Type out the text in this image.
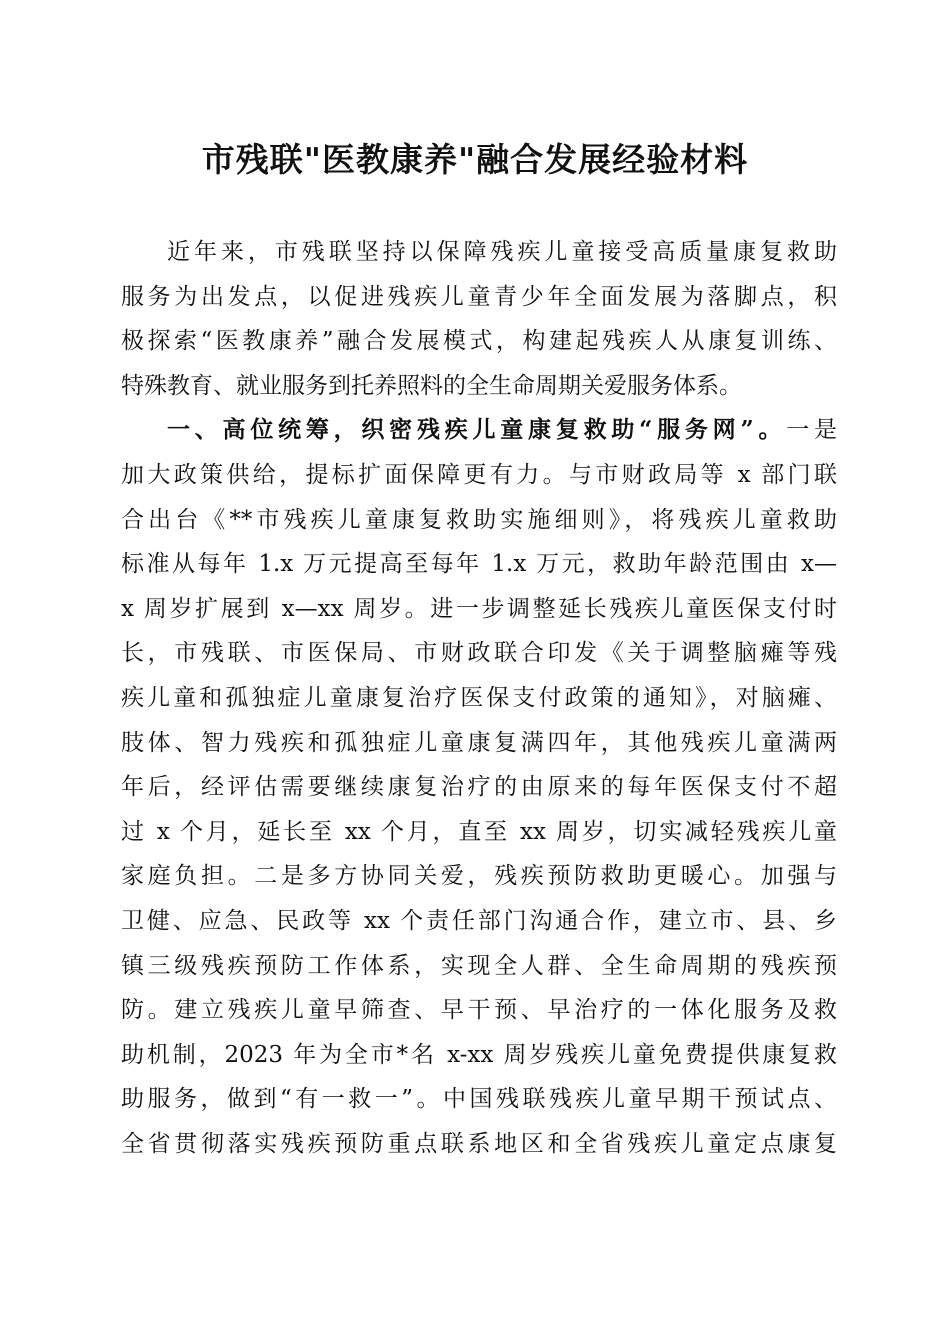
市残联"医教康养"融合发展经验材料
近年来，市残联坚持以保障残疾儿童接受高质量康复救助
服务为出发点，以促进残疾儿童青少年全面发展为落脚点，积
极探索“医教康养”融合发展模式，构建起残疾人从康复训练、
特殊教育、就业服务到托养照料的全生命周期关爱服务体系。
一、高位统筹，织密残疾儿童康复救助“服务网”。一是
加大政策供给，提标扩面保障更有力。与市财政局等 x 部门联
合出台《**市残疾儿童康复救助实施细则》，将残疾儿童救助
标准从每年 1.x 万元提高至每年 1.x 万元，救助年龄范围由 x—
x 周岁扩展到 x—xx 周岁。进一步调整延长残疾儿童医保支付时
长，市残联、市医保局、市财政联合印发《关于调整脑瘫等残
疾儿童和孤独症儿童康复治疗医保支付政策的通知》，对脑瘫、
肢体、智力残疾和孤独症儿童康复满四年，其他残疾儿童满两
年后，经评估需要继续康复治疗的由原来的每年医保支付不超
过 x 个月，延长至 xx 个月，直至 xx 周岁，切实减轻残疾儿童
家庭负担。二是多方协同关爱，残疾预防救助更暖心。加强与
卫健、应急、民政等 xx 个责任部门沟通合作，建立市、县、乡
镇三级残疾预防工作体系，实现全人群、全生命周期的残疾预
防。建立残疾儿童早筛查、早干预、早治疗的一体化服务及救
助机制，2023 年为全市*名 x-xx 周岁残疾儿童免费提供康复救
助服务，做到“有一救一”。中国残联残疾儿童早期干预试点、
全省贯彻落实残疾预防重点联系地区和全省残疾儿童定点康复
